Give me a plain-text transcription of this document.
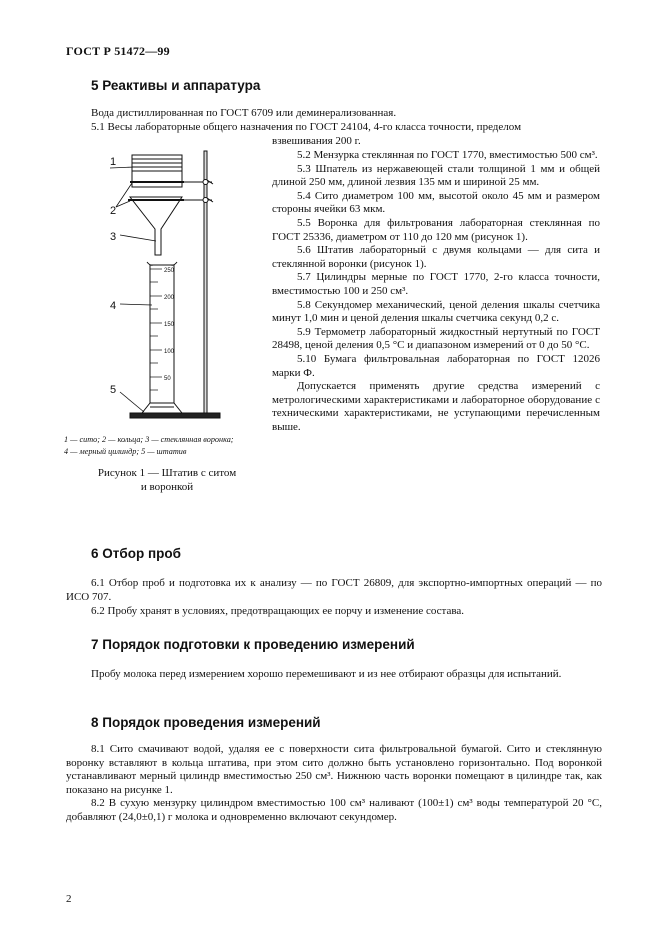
ГОСТ Р 51472—99
5 Реактивы и аппаратура
Вода дистиллированная по ГОСТ 6709 или деминерализованная.
5.1 Весы лабораторные общего назначения по ГОСТ 24104, 4-го класса точности, пределом
взвешивания 200 г.
5.2 Мензурка стеклянная по ГОСТ 1770, вместимостью 500 см³.
5.3 Шпатель из нержавеющей стали толщиной 1 мм и общей длиной 250 мм, длиной лезвия 135 мм и шириной 25 мм.
5.4 Сито диаметром 100 мм, высотой около 45 мм и размером стороны ячейки 63 мкм.
5.5 Воронка для фильтрования лабораторная стеклянная по ГОСТ 25336, диаметром от 110 до 120 мм (рисунок 1).
5.6 Штатив лабораторный с двумя кольцами — для сита и стеклянной воронки (рисунок 1).
5.7 Цилиндры мерные по ГОСТ 1770, 2-го класса точности, вместимостью 100 и 250 см³.
5.8 Секундомер механический, ценой деления шкалы счетчика минут 1,0 мин и ценой деления шкалы счетчика секунд 0,2 с.
5.9 Термометр лабораторный жидкостный нертутный по ГОСТ 28498, ценой деления 0,5 °С и диапазоном измерений от 0 до 50 °С.
5.10 Бумага фильтровальная лабораторная по ГОСТ 12026 марки Ф.
Допускается применять другие средства измерений с метрологическими характеристиками и лабораторное оборудование с техническими характеристиками, не уступающими перечисленным выше.
250
200
150
100
50
1
2
3
4
5
1 — сито; 2 — кольца; 3 — стеклянная воронка;
4 — мерный цилиндр; 5 — штатив
Рисунок 1 — Штатив с ситом
и воронкой
6 Отбор проб
6.1 Отбор проб и подготовка их к анализу — по ГОСТ 26809, для экспортно-импортных операций — по ИСО 707.
6.2 Пробу хранят в условиях, предотвращающих ее порчу и изменение состава.
7 Порядок подготовки к проведению измерений
Пробу молока перед измерением хорошо перемешивают и из нее отбирают образцы для испытаний.
8 Порядок проведения измерений
8.1 Сито смачивают водой, удаляя ее с поверхности сита фильтровальной бумагой. Сито и стеклянную воронку вставляют в кольца штатива, при этом сито должно быть установлено горизонтально. Под воронкой устанавливают мерный цилиндр вместимостью 250 см³. Нижнюю часть воронки помещают в цилиндре так, как показано на рисунке 1.
8.2 В сухую мензурку цилиндром вместимостью 100 см³ наливают (100±1) см³ воды температурой 20 °С, добавляют (24,0±0,1) г молока и одновременно включают секундомер.
2
